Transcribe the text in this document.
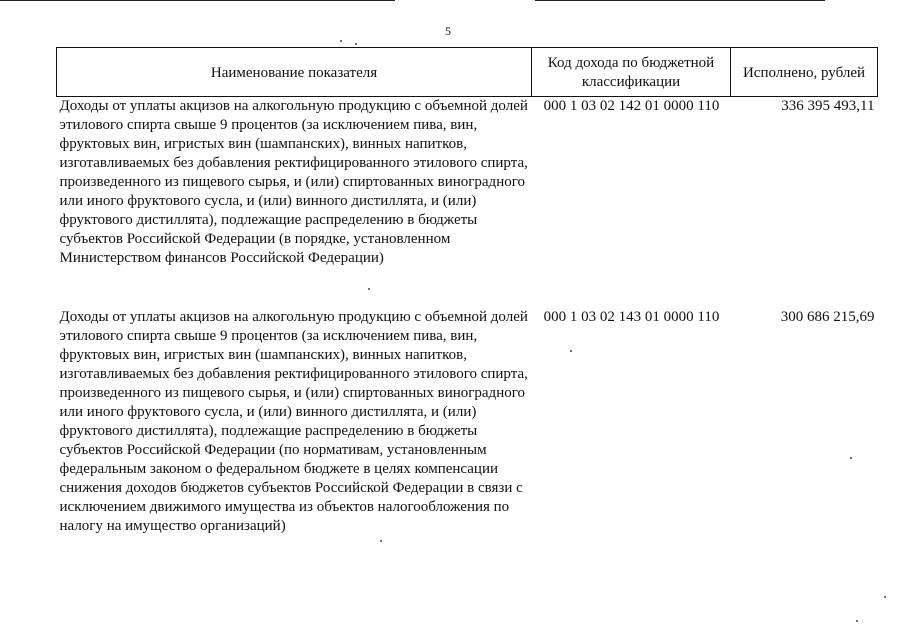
5
Наименование показателя	Код дохода по бюджетной классификации	Исполнено, рублей
Доходы от уплаты акцизов на алкогольную продукцию с объемной долей этилового спирта свыше 9 процентов (за исключением пива, вин, фруктовых вин, игристых вин (шампанских), винных напитков, изготавливаемых без добавления ректифицированного этилового спирта, произведенного из пищевого сырья, и (или) спиртованных виноградного или иного фруктового сусла, и (или) винного дистиллята, и (или) фруктового дистиллята), подлежащие распределению в бюджеты субъектов Российской Федерации (в порядке, установленном Министерством финансов Российской Федерации)	000 1 03 02 142 01 0000 110	336 395 493,11

Доходы от уплаты акцизов на алкогольную продукцию с объемной долей этилового спирта свыше 9 процентов (за исключением пива, вин, фруктовых вин, игристых вин (шампанских), винных напитков, изготавливаемых без добавления ректифицированного этилового спирта, произведенного из пищевого сырья, и (или) спиртованных виноградного или иного фруктового сусла, и (или) винного дистиллята, и (или) фруктового дистиллята), подлежащие распределению в бюджеты субъектов Российской Федерации (по нормативам, установленным федеральным законом о федеральном бюджете в целях компенсации снижения доходов бюджетов субъектов Российской Федерации в связи с исключением движимого имущества из объектов налогообложения по налогу на имущество организаций)	000 1 03 02 143 01 0000 110	300 686 215,69
